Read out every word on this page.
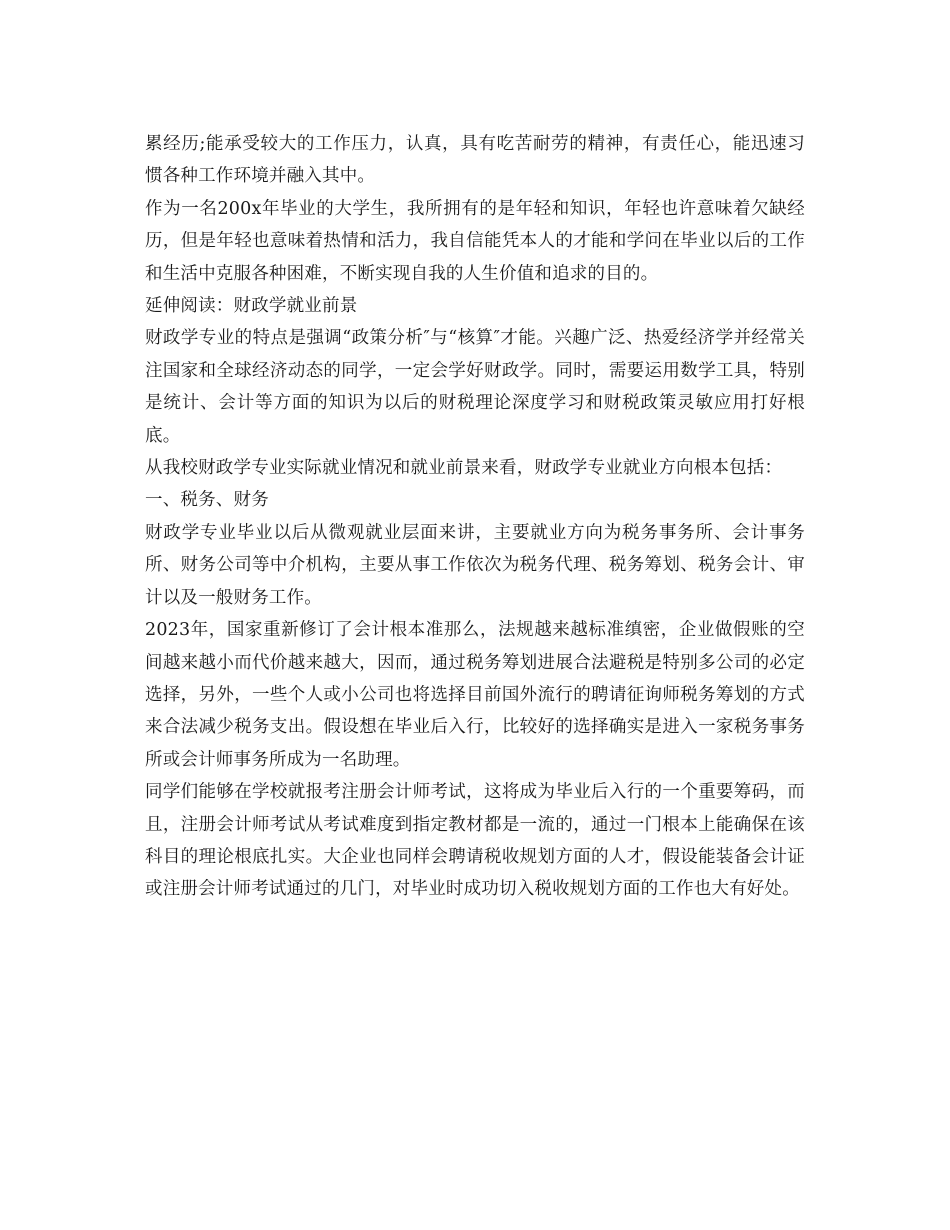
累经历;能承受较大的工作压力，认真，具有吃苦耐劳的精神，有责任心，能迅速习惯各种工作环境并融入其中。

作为一名200x年毕业的大学生，我所拥有的是年轻和知识，年轻也许意味着欠缺经历，但是年轻也意味着热情和活力，我自信能凭本人的才能和学问在毕业以后的工作和生活中克服各种困难，不断实现自我的人生价值和追求的目的。

延伸阅读：财政学就业前景

财政学专业的特点是强调“政策分析″与“核算″才能。兴趣广泛、热爱经济学并经常关注国家和全球经济动态的同学，一定会学好财政学。同时，需要运用数学工具，特别是统计、会计等方面的知识为以后的财税理论深度学习和财税政策灵敏应用打好根底。

从我校财政学专业实际就业情况和就业前景来看，财政学专业就业方向根本包括：

一、税务、财务

财政学专业毕业以后从微观就业层面来讲，主要就业方向为税务事务所、会计事务所、财务公司等中介机构，主要从事工作依次为税务代理、税务筹划、税务会计、审计以及一般财务工作。

2023年，国家重新修订了会计根本准那么，法规越来越标准缜密，企业做假账的空间越来越小而代价越来越大，因而，通过税务筹划进展合法避税是特别多公司的必定选择，另外，一些个人或小公司也将选择目前国外流行的聘请征询师税务筹划的方式来合法减少税务支出。假设想在毕业后入行，比较好的选择确实是进入一家税务事务所或会计师事务所成为一名助理。

同学们能够在学校就报考注册会计师考试，这将成为毕业后入行的一个重要筹码，而且，注册会计师考试从考试难度到指定教材都是一流的，通过一门根本上能确保在该科目的理论根底扎实。大企业也同样会聘请税收规划方面的人才，假设能装备会计证或注册会计师考试通过的几门，对毕业时成功切入税收规划方面的工作也大有好处。
